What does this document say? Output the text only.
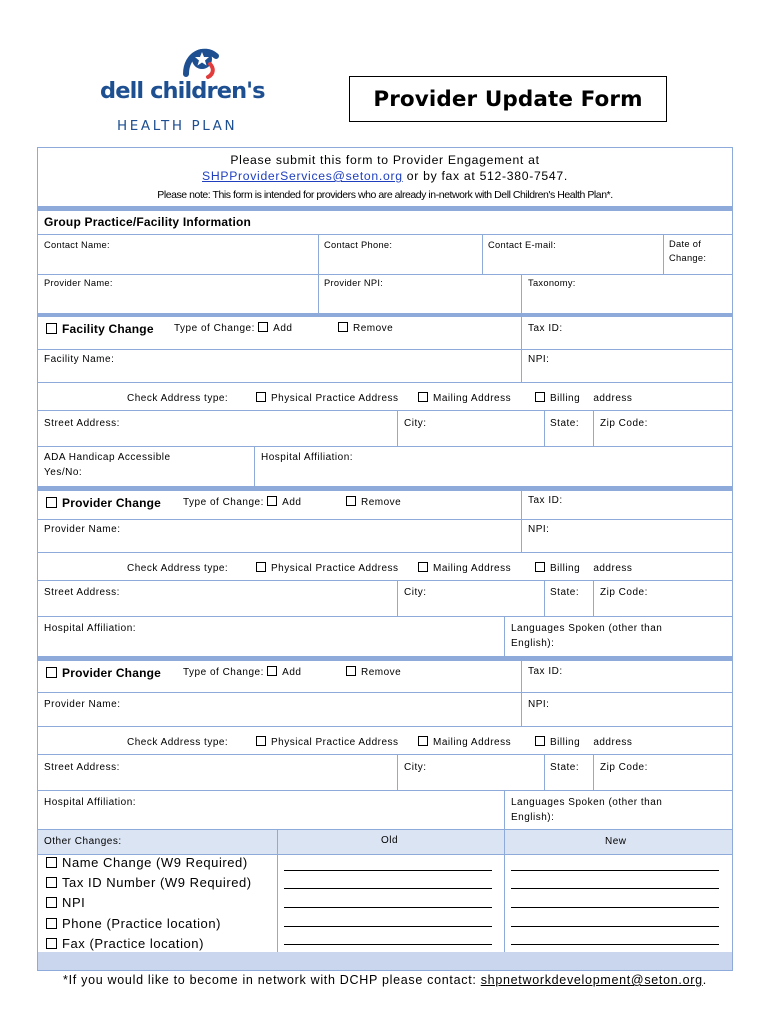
dell children's
HEALTH PLAN
Provider Update Form
Please submit this form to Provider Engagement at
SHPProviderServices@seton.org or by fax at 512-380-7547.
Please note: This form is intended for providers who are already in-network with Dell Children's Health Plan*.
Group Practice/Facility Information
Contact Name:	Contact Phone:	Contact E-mail:	Date of
Change:
Provider Name:	Provider NPI:	Taxonomy:
Facility Change Type of Change: Add	Remove	Tax ID:
Facility Name:	NPI:
Check Address type:	Physical Practice Address	Mailing Address	Billing address
Street Address:	City:	State: Zip Code:
ADA Handicap Accessible
Yes/No:
Hospital Affiliation:
Provider Change Type of Change: Add	Remove	Tax ID:
Provider Name:	NPI:
Check Address type:	Physical Practice Address	Mailing Address	Billing address
Street Address:	City:	State: Zip Code:
Hospital Affiliation:	Languages Spoken (other than
English):
Provider Change Type of Change: Add	Remove	Tax ID:
Provider Name:	NPI:
Check Address type:	Physical Practice Address	Mailing Address	Billing address
Street Address:	City:	State: Zip Code:
Hospital Affiliation:	Languages Spoken (other than
English):
Other Changes:	Old	New
Name Change (W9 Required)
Tax ID Number (W9 Required)
NPI
Phone (Practice location)
Fax (Practice location)
*If you would like to become in network with DCHP please contact: shpnetworkdevelopment@seton.org.
